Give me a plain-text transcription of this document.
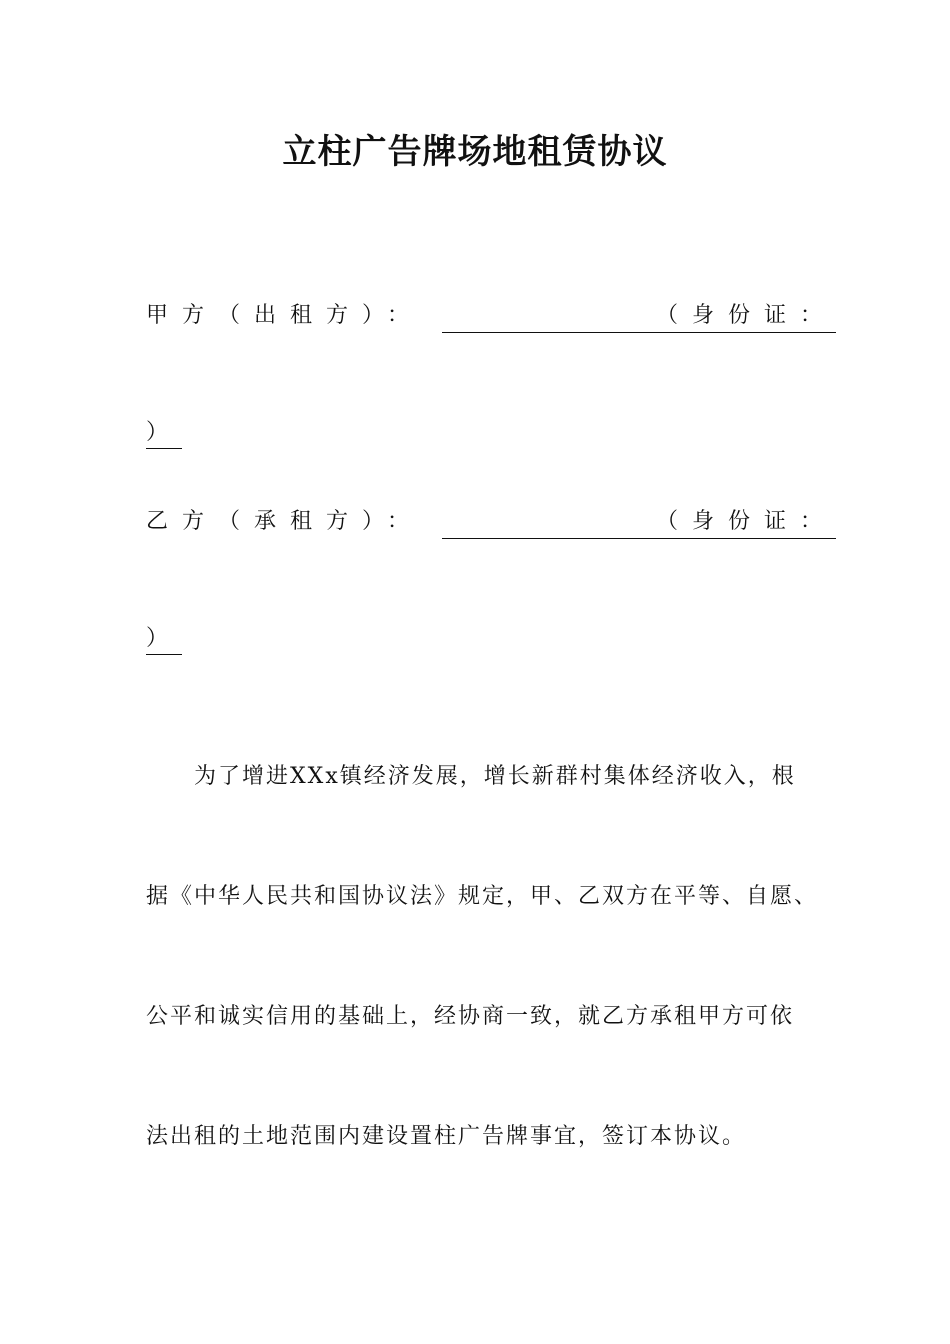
立柱广告牌场地租赁协议
甲方（出租方）：	（身份证：
）
乙方（承租方）：	（身份证：
）
为了增进XXx镇经济发展，增长新群村集体经济收入，根
据《中华人民共和国协议法》规定，甲、乙双方在平等、自愿、
公平和诚实信用的基础上，经协商一致，就乙方承租甲方可依
法出租的土地范围内建设置柱广告牌事宜，签订本协议。
